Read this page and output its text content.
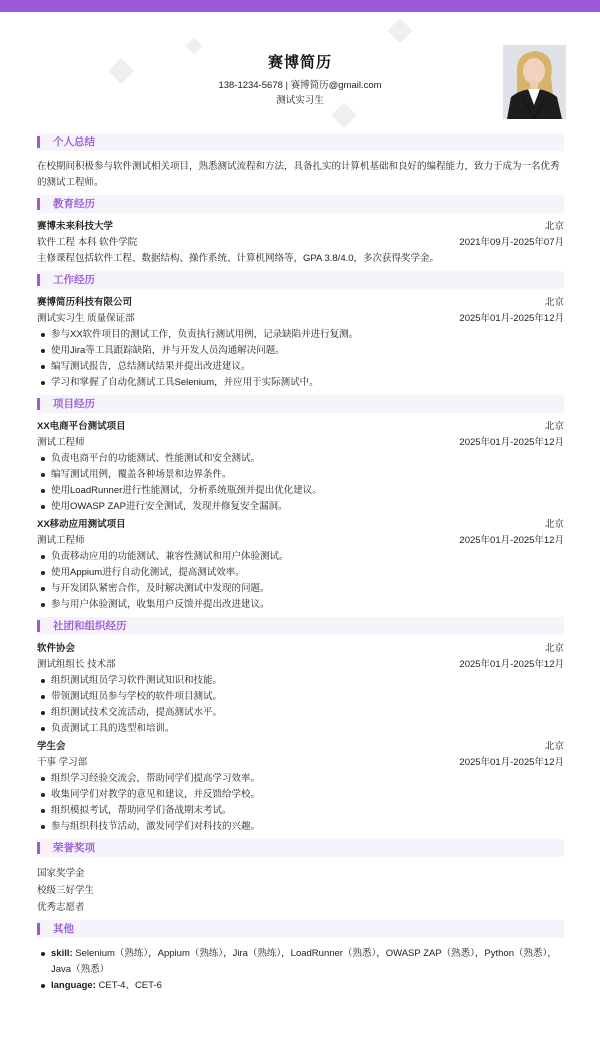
赛博简历
138-1234-5678 | 赛博简历@gmail.com
测试实习生
个人总结
在校期间积极参与软件测试相关项目，熟悉测试流程和方法，具备扎实的计算机基础和良好的编程能力，致力于成为一名优秀的测试工程师。
教育经历
赛博未来科技大学	北京
软件工程 本科 软件学院	2021年09月-2025年07月
主修课程包括软件工程、数据结构、操作系统、计算机网络等，GPA 3.8/4.0，多次获得奖学金。
工作经历
赛博简历科技有限公司	北京
测试实习生 质量保证部	2025年01月-2025年12月
参与XX软件项目的测试工作，负责执行测试用例，记录缺陷并进行复测。
使用Jira等工具跟踪缺陷，并与开发人员沟通解决问题。
编写测试报告，总结测试结果并提出改进建议。
学习和掌握了自动化测试工具Selenium，并应用于实际测试中。
项目经历
XX电商平台测试项目	北京
测试工程师	2025年01月-2025年12月
负责电商平台的功能测试、性能测试和安全测试。
编写测试用例，覆盖各种场景和边界条件。
使用LoadRunner进行性能测试，分析系统瓶颈并提出优化建议。
使用OWASP ZAP进行安全测试，发现并修复安全漏洞。
XX移动应用测试项目	北京
测试工程师	2025年01月-2025年12月
负责移动应用的功能测试、兼容性测试和用户体验测试。
使用Appium进行自动化测试，提高测试效率。
与开发团队紧密合作，及时解决测试中发现的问题。
参与用户体验测试，收集用户反馈并提出改进建议。
社团和组织经历
软件协会	北京
测试组组长 技术部	2025年01月-2025年12月
组织测试组员学习软件测试知识和技能。
带领测试组员参与学校的软件项目测试。
组织测试技术交流活动，提高测试水平。
负责测试工具的选型和培训。
学生会	北京
干事 学习部	2025年01月-2025年12月
组织学习经验交流会，帮助同学们提高学习效率。
收集同学们对教学的意见和建议，并反馈给学校。
组织模拟考试，帮助同学们备战期末考试。
参与组织科技节活动，激发同学们对科技的兴趣。
荣誉奖项
国家奖学金
校级三好学生
优秀志愿者
其他
skill: Selenium（熟练），Appium（熟练），Jira（熟练），LoadRunner（熟悉），OWASP ZAP（熟悉），Python（熟悉），Java（熟悉）
language: CET-4、CET-6
